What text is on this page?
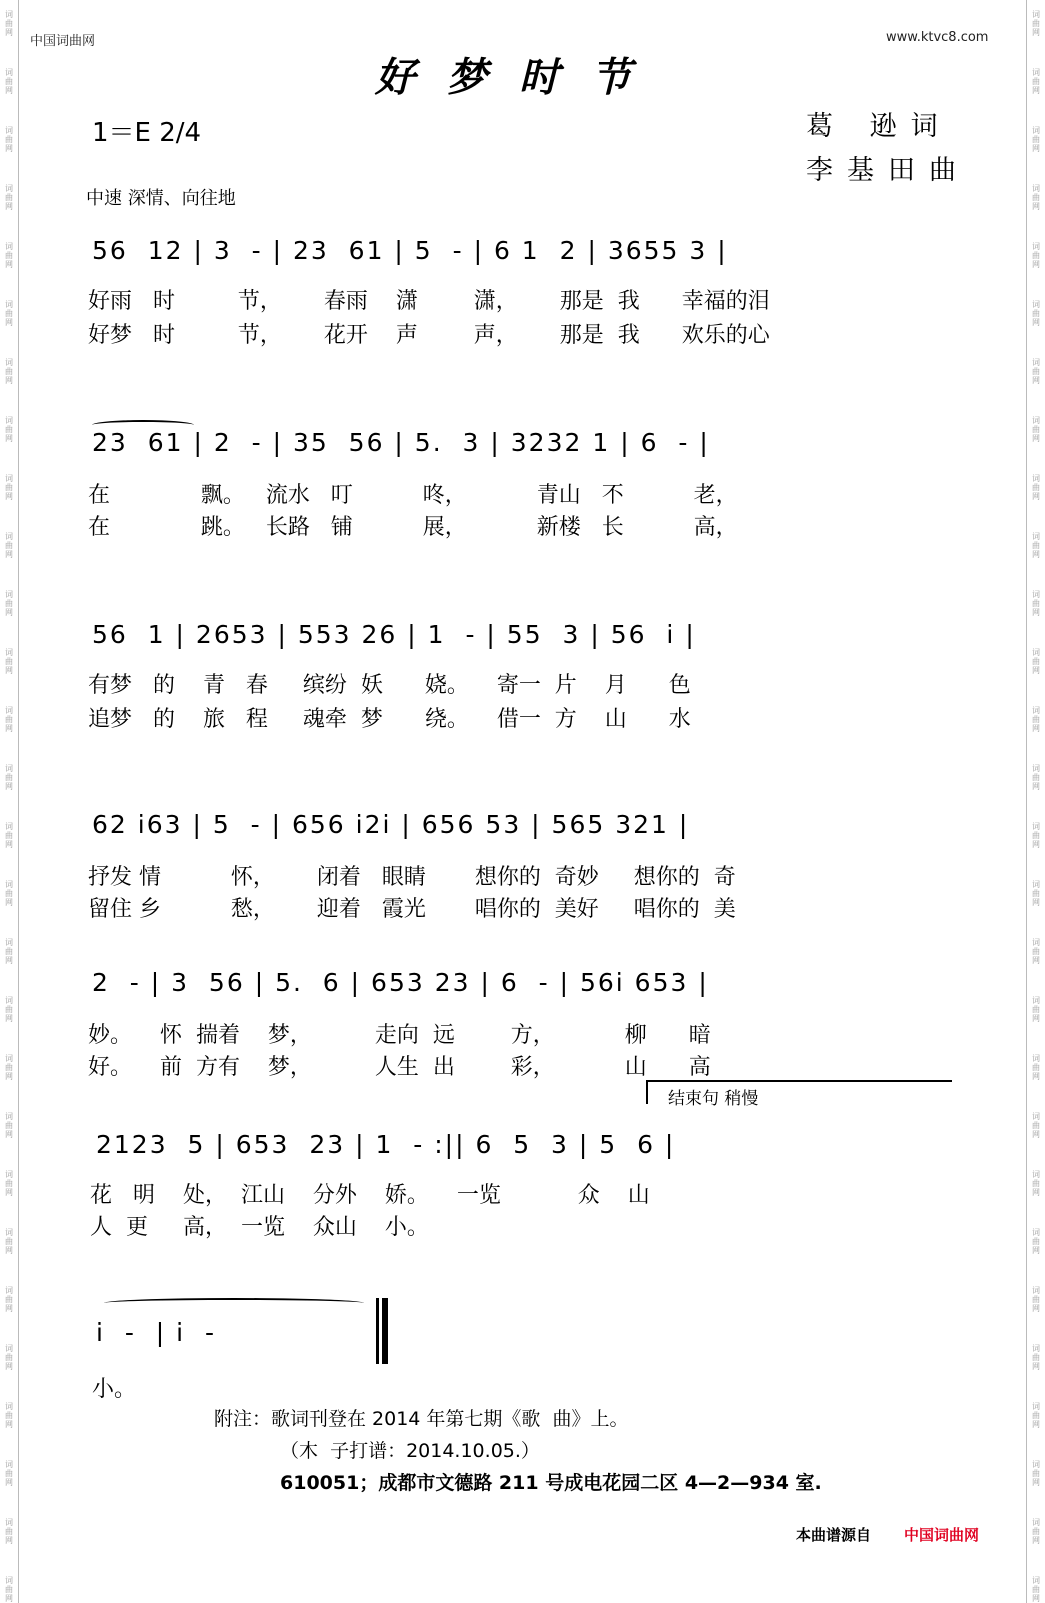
词
曲
网
词
曲
网
词
曲
网
词
曲
网
词
曲
网
词
曲
网
词
曲
网
词
曲
网
词
曲
网
词
曲
网
词
曲
网
词
曲
网
词
曲
网
词
曲
网
词
曲
网
词
曲
网
词
曲
网
词
曲
网
词
曲
网
词
曲
网
词
曲
网
词
曲
网
词
曲
网
词
曲
网
词
曲
网
词
曲
网
词
曲
网
词
曲
网
词
曲
网
词
曲
网
词
曲
网
词
曲
网
词
曲
网
词
曲
网
词
曲
网
词
曲
网
词
曲
网
词
曲
网
词
曲
网
词
曲
网
词
曲
网
词
曲
网
词
曲
网
词
曲
网
词
曲
网
词
曲
网
词
曲
网
词
曲
网
词
曲
网
词
曲
网
词
曲
网
词
曲
网
词
曲
网
词
曲
网
词
曲
网
词
曲
网
中国词曲网	www.ktvc8.com
好梦时节
1＝E 2/4	葛 逊词
李基田曲
中速 深情、向往地
56  12 | 3  - | 23  61 | 5  - | 6 1  2 | 3655 3 |
好雨   时         节，      春雨    潇        潇，      那是  我      幸福的泪
好梦   时         节，      花开    声        声，      那是  我      欢乐的心
23  61 | 2  - | 35  56 | 5.  3 | 3232 1 | 6  - |
在             飘。   流水   叮          咚，          青山   不          老，
在             跳。   长路   铺          展，          新楼   长          高，
56  1 | 2653 | 553 26 | 1  - | 55  3 | 56  i |
有梦   的    青   春     缤纷  妖      娆。    寄一  片    月      色
追梦   的    旅   程     魂牵  梦      绕。    借一  方    山      水
62 i63 | 5  - | 656 i2i | 656 53 | 565 321 |
抒发 情          怀，      闭着   眼睛       想你的  奇妙     想你的  奇
留住 乡          愁，      迎着   霞光       唱你的  美好     唱你的  美
2  - | 3  56 | 5.  6 | 653 23 | 6  - | 56i 653 |
妙。    怀  揣着    梦，         走向  远        方，          柳      暗
好。    前  方有    梦，         人生  出        彩，          山      高
结束句 稍慢
2123  5 | 653  23 | 1  - :|| 6  5  3 | 5  6 |
花   明    处，  江山    分外    娇。    一览           众    山
人  更     高，  一览    众山    小。
i  -  | i  -
小。
附注：歌词刊登在 2014 年第七期《歌  曲》上。
（木  子打谱：2014.10.05.）
610051；成都市文德路 211 号成电花园二区 4—2—934 室.
本曲谱源自 中国词曲网
